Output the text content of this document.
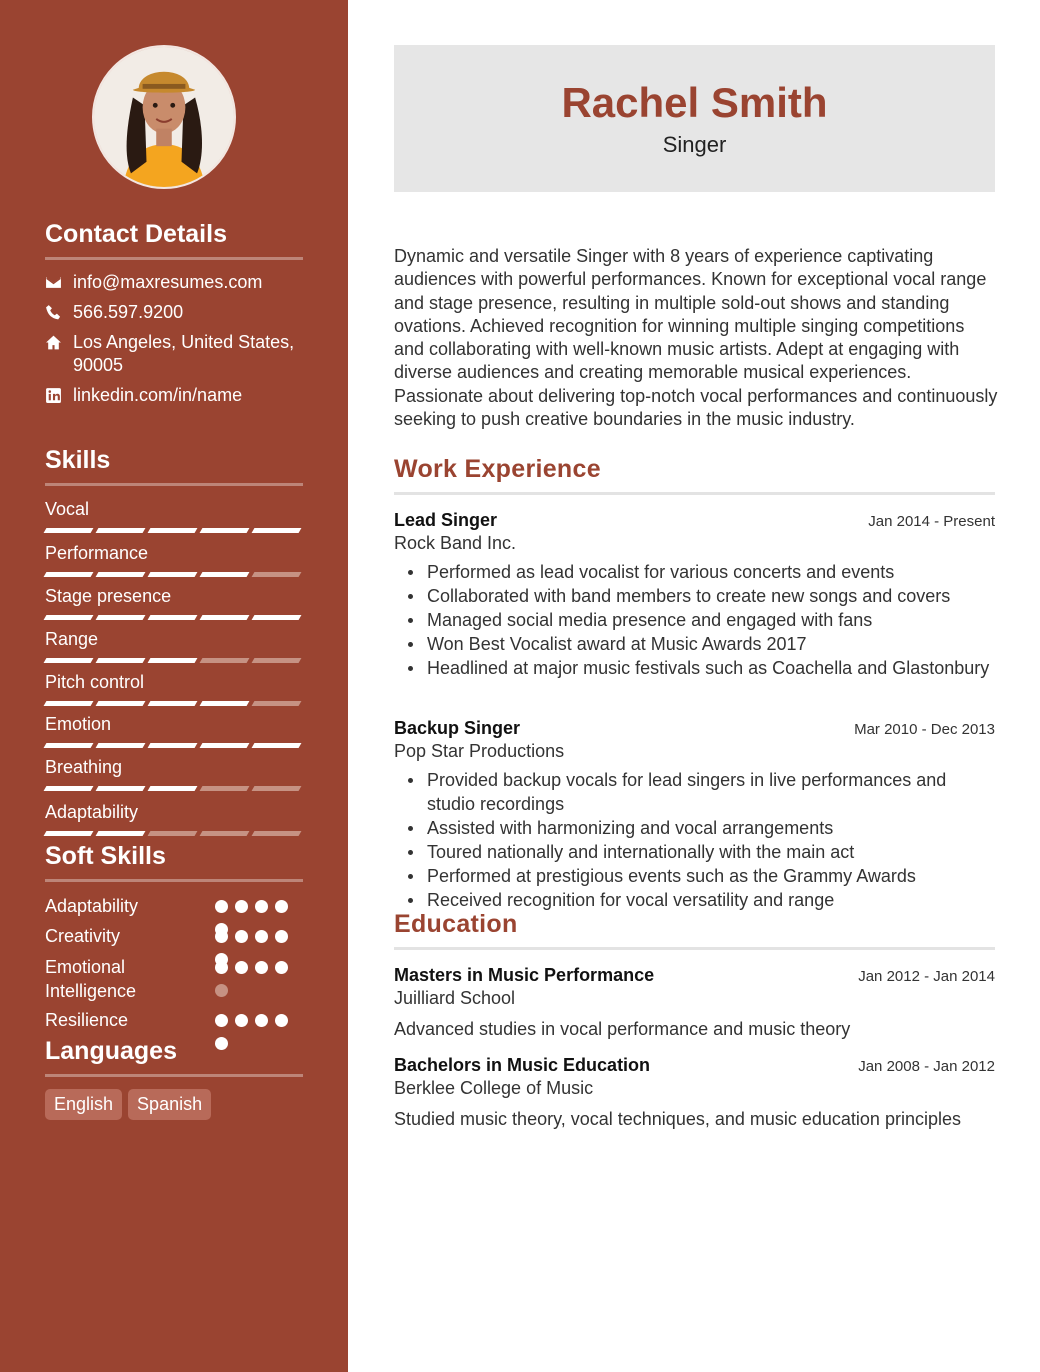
Contact Details
info@maxresumes.com
566.597.9200
Los Angeles, United States, 90005
linkedin.com/in/name
Skills
Vocal
Performance
Stage presence
Range
Pitch control
Emotion
Breathing
Adaptability
Soft Skills
Adaptability
Creativity
Emotional Intelligence
Resilience
Languages
English	Spanish
Rachel Smith
Singer
Dynamic and versatile Singer with 8 years of experience captivating audiences with powerful performances. Known for exceptional vocal range and stage presence, resulting in multiple sold-out shows and standing ovations. Achieved recognition for winning multiple singing competitions and collaborating with well-known music artists. Adept at engaging with diverse audiences and creating memorable musical experiences. Passionate about delivering top-notch vocal performances and continuously seeking to push creative boundaries in the music industry.
Work Experience
Lead Singer	Jan 2014 - Present
Rock Band Inc.
Performed as lead vocalist for various concerts and events
Collaborated with band members to create new songs and covers
Managed social media presence and engaged with fans
Won Best Vocalist award at Music Awards 2017
Headlined at major music festivals such as Coachella and Glastonbury
Backup Singer	Mar 2010 - Dec 2013
Pop Star Productions
Provided backup vocals for lead singers in live performances and studio recordings
Assisted with harmonizing and vocal arrangements
Toured nationally and internationally with the main act
Performed at prestigious events such as the Grammy Awards
Received recognition for vocal versatility and range
Education
Masters in Music Performance	Jan 2012 - Jan 2014
Juilliard School
Advanced studies in vocal performance and music theory
Bachelors in Music Education	Jan 2008 - Jan 2012
Berklee College of Music
Studied music theory, vocal techniques, and music education principles
